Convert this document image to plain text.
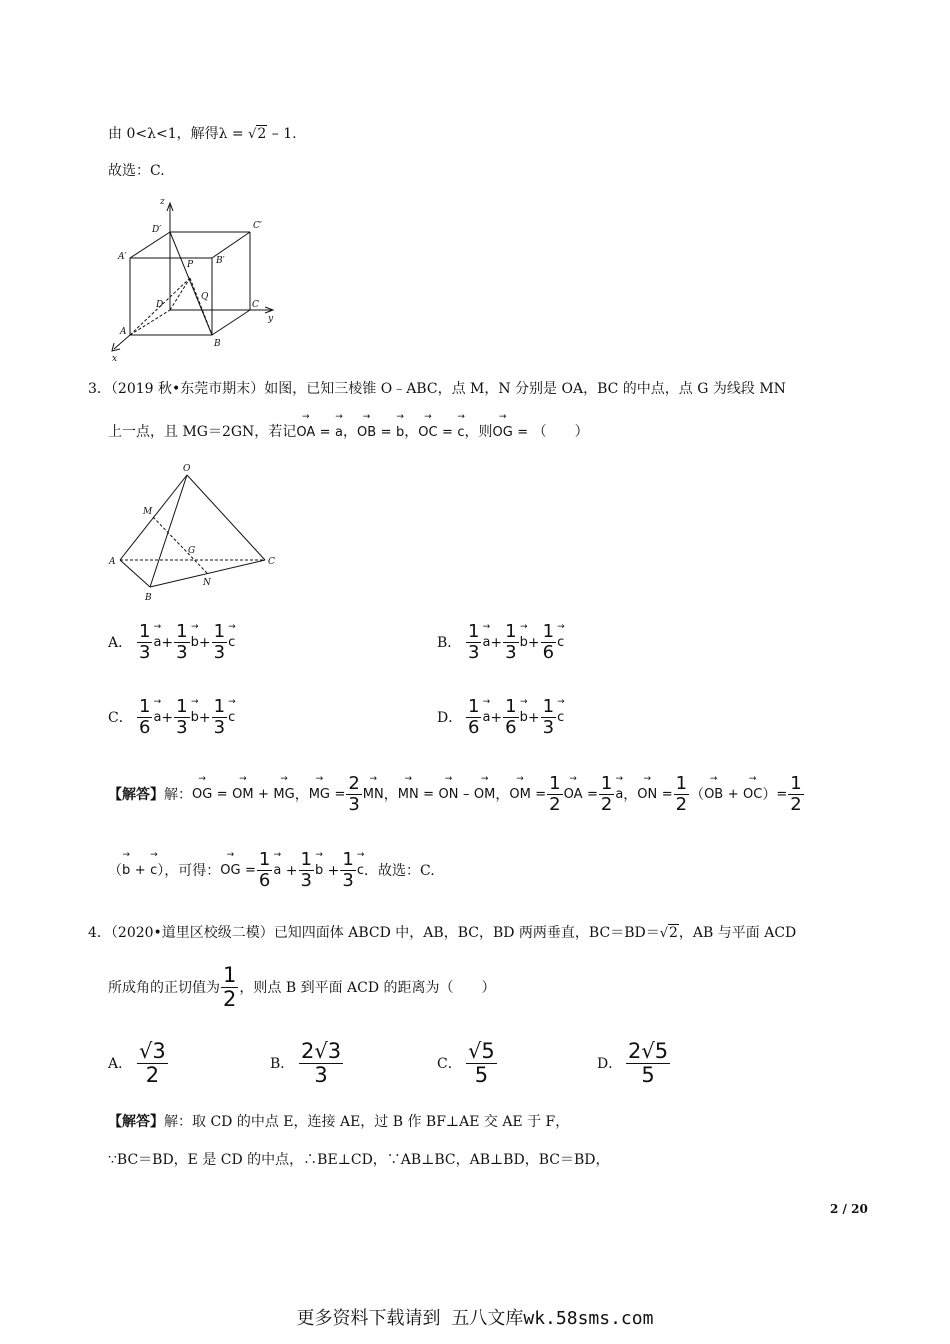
由 0<λ<1，解得λ = √2 – 1.
故选：C.
z
D′	C′
A′	B′
P
Q
D	C
y
A
B
x
3．（2019 秋•东莞市期末）如图，已知三棱锥 O﹣ABC，点 M，N 分别是 OA，BC 的中点，点 G 为线段 MN
上一点，且 MG＝2GN，若记→ OA = → a，→ OB = → b，→ OC = → c，则→ OG = （　　）
O
M
G
A	C
N
B
A． $\frac{1}{3}$
→ $a + \frac{1}{3}$
→ $b + \frac{1}{3}$
→ c	B． $\frac{1}{3}$
→ $a + \frac{1}{3}$
→ $b + \frac{1}{6}$
→ c
C． $\frac{1}{6}$
→ $a + \frac{1}{3}$
→ $b + \frac{1}{3}$
→ c	D． $\frac{1}{6}$
→ $a + \frac{1}{6}$
→ $b + \frac{1}{3}$
→ c
【解答】 解：
→ OG
=

→ OM
+

→ MG ，
→ MG
= $\frac{2}{3}$
→ MN ，
→ MN
=

→ ON
–

→ OM ，
→ OM
= $\frac{1}{2}$
→ OA
= $\frac{1}{2}$
→ a ，
→ ON
= $\frac{1}{2}$ （
→ OB
+

→ OC ） = $\frac{1}{2}$
（
→ b
+

→ c ），可得：
→ OG
= $\frac{1}{6}$
→ $a + \frac{1}{3}$
→ $b + \frac{1}{3}$
→ c ． 故选：C.
4．（2020•道里区校级二模）已知四面体 ABCD 中，AB，BC，BD 两两垂直，BC＝BD＝√2，AB 与平面 ACD
所成角的正切值为 $\frac{1}{2}$ ，则点 B 到平面 ACD 的距离为（　　）
A． $\frac{√3}{2}$	B． $\frac{2√3}{3}$	C． $\frac{√5}{5}$	D． $\frac{2√5}{5}$
【解答】解：取 CD 的中点 E，连接 AE，过 B 作 BF⊥AE 交 AE 于 F，
∵BC＝BD，E 是 CD 的中点，∴BE⊥CD，∵AB⊥BC，AB⊥BD，BC＝BD，
2 / 20
更多资料下载请到 五八文库wk.58sms.com
